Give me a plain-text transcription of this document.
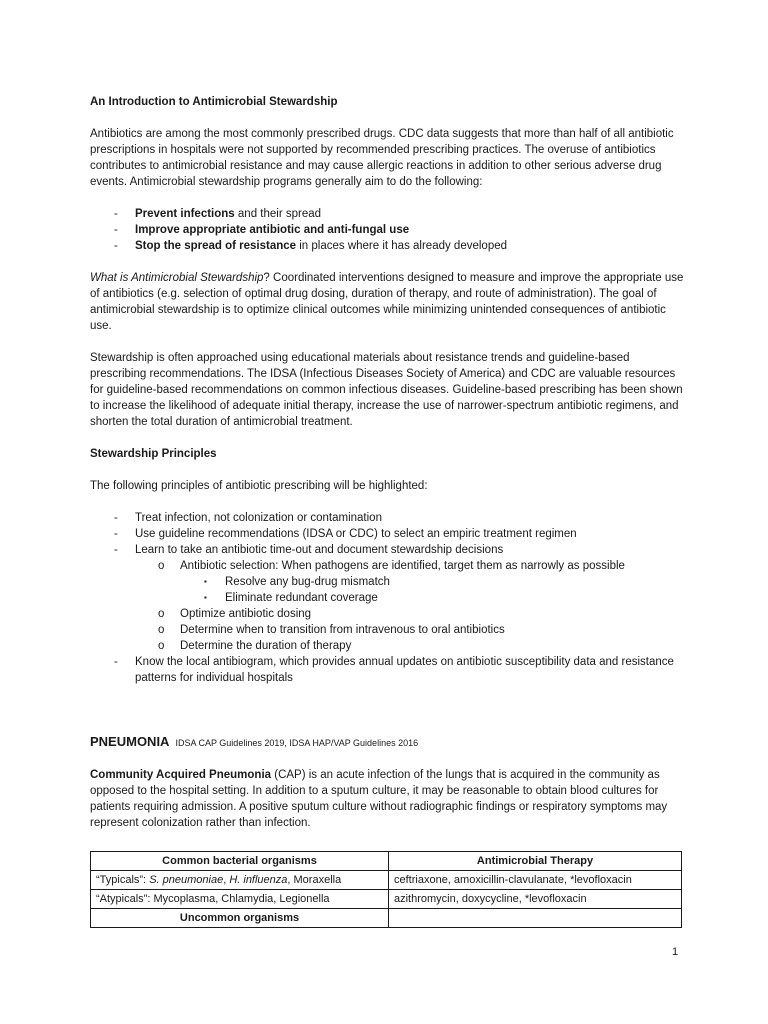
An Introduction to Antimicrobial Stewardship

Antibiotics are among the most commonly prescribed drugs. CDC data suggests that more than half of all antibiotic prescriptions in hospitals were not supported by recommended prescribing practices. The overuse of antibiotics contributes to antimicrobial resistance and may cause allergic reactions in addition to other serious adverse drug events. Antimicrobial stewardship programs generally aim to do the following:

- Prevent infections and their spread
- Improve appropriate antibiotic and anti-fungal use
- Stop the spread of resistance in places where it has already developed

What is Antimicrobial Stewardship? Coordinated interventions designed to measure and improve the appropriate use of antibiotics (e.g. selection of optimal drug dosing, duration of therapy, and route of administration). The goal of antimicrobial stewardship is to optimize clinical outcomes while minimizing unintended consequences of antibiotic use.

Stewardship is often approached using educational materials about resistance trends and guideline-based prescribing recommendations. The IDSA (Infectious Diseases Society of America) and CDC are valuable resources for guideline-based recommendations on common infectious diseases. Guideline-based prescribing has been shown to increase the likelihood of adequate initial therapy, increase the use of narrower-spectrum antibiotic regimens, and shorten the total duration of antimicrobial treatment.

Stewardship Principles

The following principles of antibiotic prescribing will be highlighted:

- Treat infection, not colonization or contamination
- Use guideline recommendations (IDSA or CDC) to select an empiric treatment regimen
- Learn to take an antibiotic time-out and document stewardship decisions
o Antibiotic selection: When pathogens are identified, target them as narrowly as possible
▪ Resolve any bug-drug mismatch
▪ Eliminate redundant coverage
o Optimize antibiotic dosing
o Determine when to transition from intravenous to oral antibiotics
o Determine the duration of therapy
- Know the local antibiogram, which provides annual updates on antibiotic susceptibility data and resistance patterns for individual hospitals
PNEUMONIA IDSA CAP Guidelines 2019, IDSA HAP/VAP Guidelines 2016

Community Acquired Pneumonia (CAP) is an acute infection of the lungs that is acquired in the community as opposed to the hospital setting. In addition to a sputum culture, it may be reasonable to obtain blood cultures for patients requiring admission. A positive sputum culture without radiographic findings or respiratory symptoms may represent colonization rather than infection.

Common bacterial organisms	Antimicrobial Therapy
“Typicals”: S. pneumoniae, H. influenza, Moraxella	ceftriaxone, amoxicillin-clavulanate, *levofloxacin
“Atypicals”: Mycoplasma, Chlamydia, Legionella	azithromycin, doxycycline, *levofloxacin
Uncommon organisms	
1
